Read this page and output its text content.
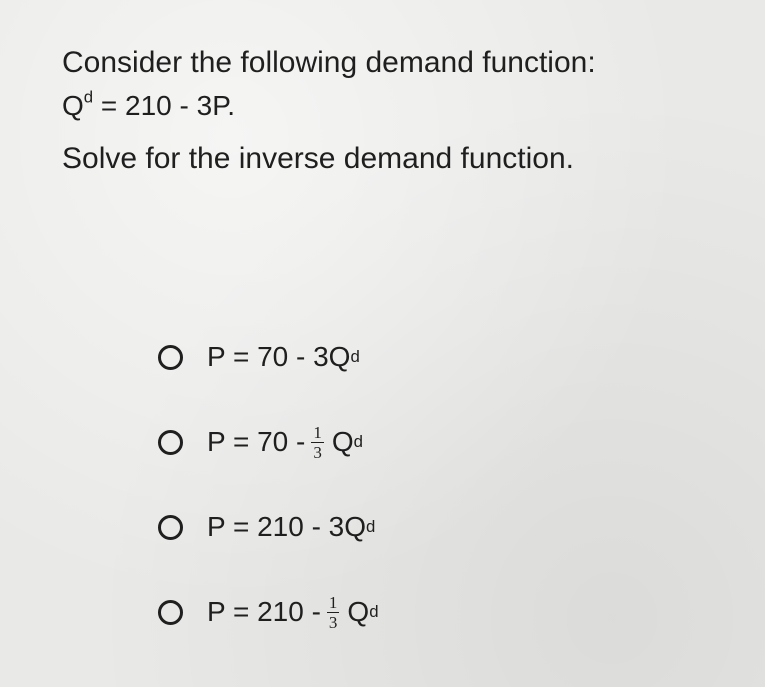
Consider the following demand function:
$Q^d = 210 - 3P$.
Solve for the inverse demand function.
P = 70 - 3Q d
$P = 70 - \frac{1}{3}$ Q d
P = 210 - 3Q d
$P = 210 - \frac{1}{3}$ Q d
